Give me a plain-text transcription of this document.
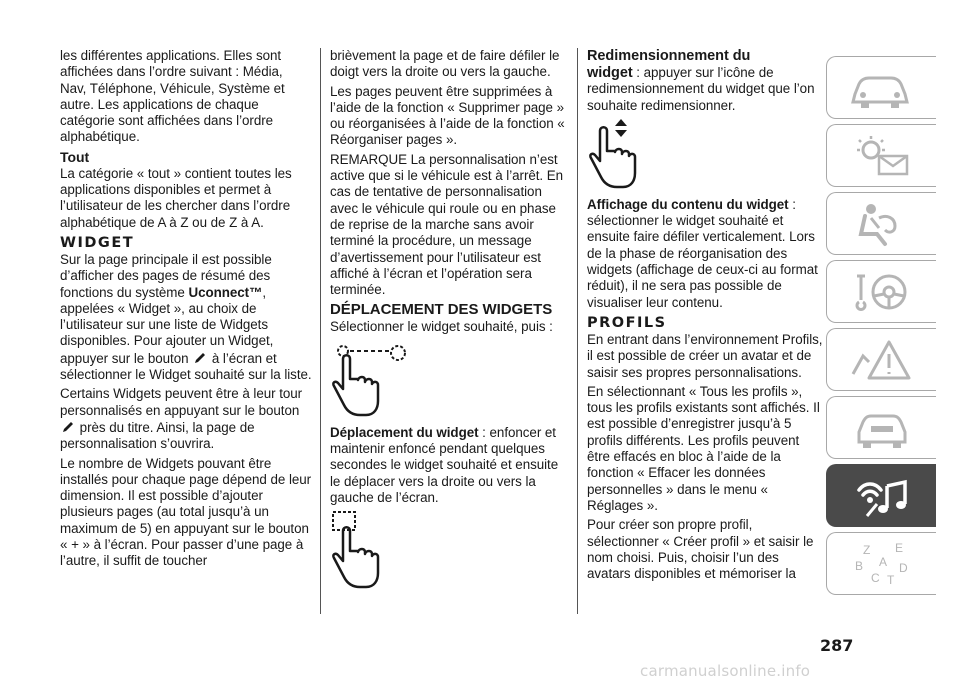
les différentes applications. Elles sont affichées dans l’ordre suivant : Média, Nav, Téléphone, Véhicule, Système et autre. Les applications de chaque catégorie sont affichées dans l’ordre alphabétique.

Tout

La catégorie « tout » contient toutes les applications disponibles et permet à l’utilisateur de les chercher dans l’ordre alphabétique de A à Z ou de Z à A.

WIDGET

Sur la page principale il est possible d’afficher des pages de résumé des fonctions du système Uconnect™, appelées « Widget », au choix de l’utilisateur sur une liste de Widgets disponibles. Pour ajouter un Widget, appuyer sur le bouton  à l’écran et sélectionner le Widget souhaité sur la liste.

Certains Widgets peuvent être à leur tour personnalisés en appuyant sur le bouton  près du titre. Ainsi, la page de personnalisation s’ouvrira.

Le nombre de Widgets pouvant être installés pour chaque page dépend de leur dimension. Il est possible d’ajouter plusieurs pages (au total jusqu’à un maximum de 5) en appuyant sur le bouton « + » à l’écran. Pour passer d’une page à l’autre, il suffit de toucher

brièvement la page et de faire défiler le doigt vers la droite ou vers la gauche.

Les pages peuvent être supprimées à l’aide de la fonction « Supprimer page » ou réorganisées à l’aide de la fonction « Réorganiser pages ».

REMARQUE La personnalisation n’est active que si le véhicule est à l’arrêt. En cas de tentative de personnalisation avec le véhicule qui roule ou en phase de reprise de la marche sans avoir terminé la procédure, un message d’avertissement pour l’utilisateur est affiché à l’écran et l’opération sera terminée.

DÉPLACEMENT DES WIDGETS

Sélectionner le widget souhaité, puis :

Déplacement du widget : enfoncer et maintenir enfoncé pendant quelques secondes le widget souhaité et ensuite le déplacer vers la droite ou vers la gauche de l’écran.

Redimensionnement du

widget : appuyer sur l’icône de redimensionnement du widget que l’on souhaite redimensionner.

Affichage du contenu du widget : sélectionner le widget souhaité et ensuite faire défiler verticalement. Lors de la phase de réorganisation des widgets (affichage de ceux-ci au format réduit), il ne sera pas possible de visualiser leur contenu.

PROFILS

En entrant dans l’environnement Profils, il est possible de créer un avatar et de saisir ses propres personnalisations.

En sélectionnant « Tous les profils », tous les profils existants sont affichés. Il est possible d’enregistrer jusqu’à 5 profils différents. Les profils peuvent être effacés en bloc à l’aide de la fonction « Effacer les données personnelles » dans le menu « Réglages ».

Pour créer son propre profil, sélectionner « Créer profil » et saisir le nom choisi. Puis, choisir l’un des avatars disponibles et mémoriser la

Z E
B
C
D
A
T
287
carmanualsonline.info
